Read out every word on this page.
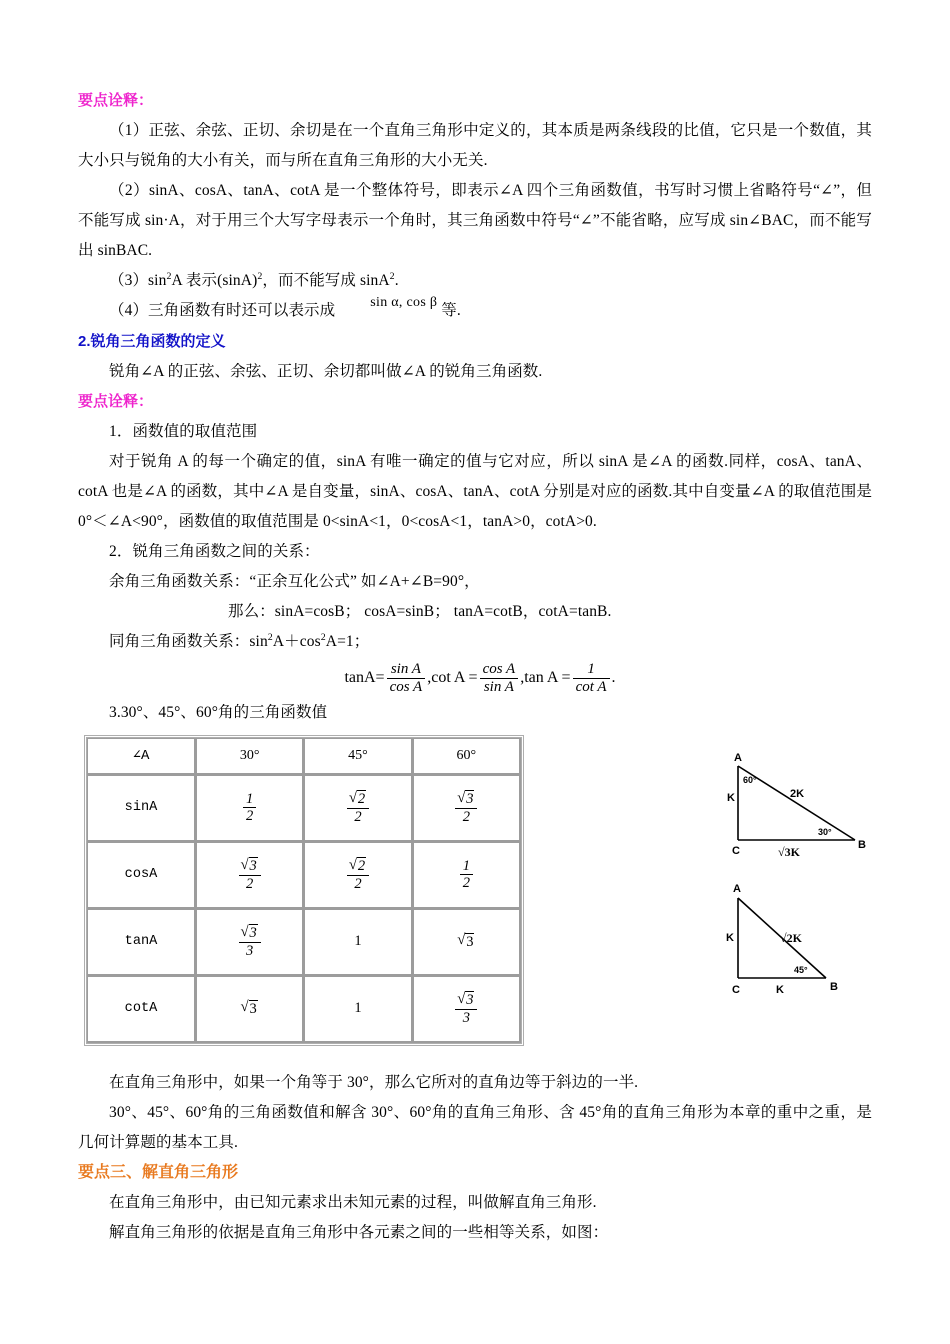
要点诠释：

（1）正弦、余弦、正切、余切是在一个直角三角形中定义的，其本质是两条线段的比值，它只是一个数值，其大小只与锐角的大小有关，而与所在直角三角形的大小无关.

（2）sinA、cosA、tanA、cotA 是一个整体符号，即表示∠A 四个三角函数值，书写时习惯上省略符号“∠”，但不能写成 sin·A，对于用三个大写字母表示一个角时，其三角函数中符号“∠”不能省略，应写成 sin∠BAC，而不能写出 sinBAC.

$(3)\sin^2A$ 表示$(\sin A)^2$，而不能写成 sinA$^2$.

（4）三角函数有时还可以表示成 sin α, cos β 等.

2.锐角三角函数的定义

锐角∠A 的正弦、余弦、正切、余切都叫做∠A 的锐角三角函数.

要点诠释：

1．函数值的取值范围

对于锐角 A 的每一个确定的值，sinA 有唯一确定的值与它对应，所以 sinA 是∠A 的函数.同样，cosA、tanA、cotA 也是∠A 的函数，其中∠A 是自变量，sinA、cosA、tanA、cotA 分别是对应的函数.其中自变量∠A 的取值范围是 0°＜∠A<90°，函数值的取值范围是 0<sinA<1，0<cosA<1，tanA>0，cotA>0.

2．锐角三角函数之间的关系：

余角三角函数关系：“正余互化公式” 如∠A+∠B=90°，

那么：sinA=cosB； cosA=sinB； tanA=cotB，cotA=tanB.

同角三角函数关系：$\sin^2A+\cos^2A=1$；

$\tan A= \frac{\text{sin A}}{\text{cos A}} ,\cot$ $A = \frac{\text{cos A}}{\text{sin A}} ,\tan$ $A = \frac{1}{\text{cot A}}$ .

3.30°、45°、60°角的三角函数值

∠A	30°	45°	60°
sinA	$\frac{1}{2}$	√ $\frac{2}{2}$	√ $\frac{3}{2}$

cosA	√ $\frac{3}{2}$	√ $\frac{2}{2}$	$\frac{1}{2}$

tanA	√ $\frac{3}{3}$	1	√ 3
cotA	√ 3	1	√ $\frac{3}{3}$

在直角三角形中，如果一个角等于 30°，那么它所对的直角边等于斜边的一半.

30°、45°、60°角的三角函数值和解含 30°、60°角的直角三角形、含 45°角的直角三角形为本章的重中之重，是几何计算题的基本工具.

要点三、解直角三角形

在直角三角形中，由已知元素求出未知元素的过程，叫做解直角三角形.

解直角三角形的依据是直角三角形中各元素之间的一些相等关系，如图：

A
C	B
60°
30°
K	2K
√3K
A
C	B
45°
K	√2K
K
